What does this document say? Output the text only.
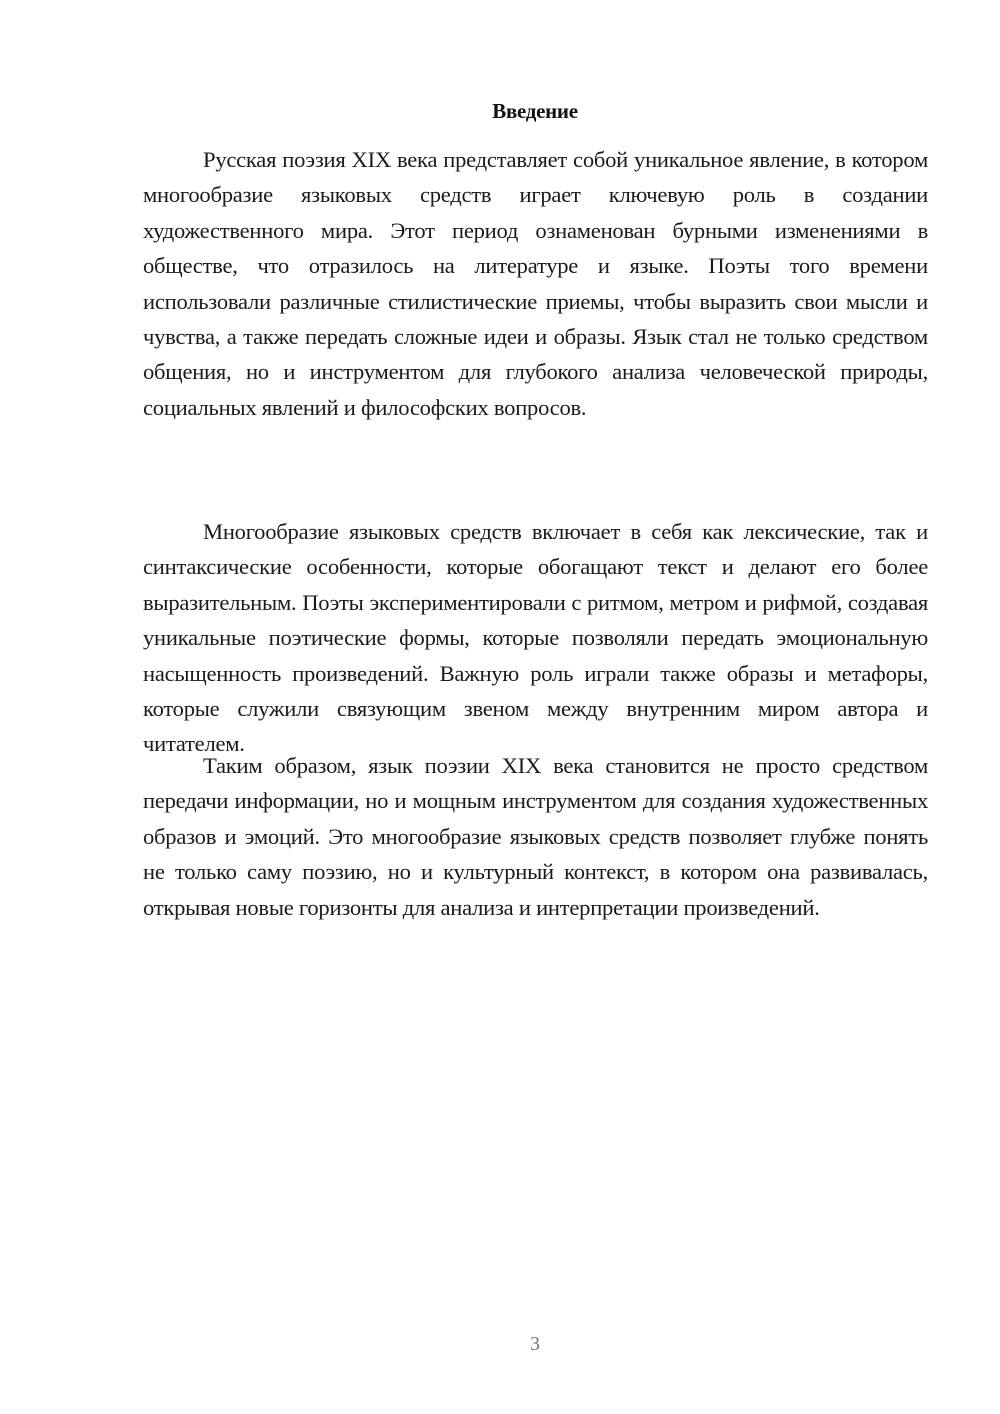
Введение

Русская поэзия XIX века представляет собой уникальное явление, в котором многообразие языковых средств играет ключевую роль в создании художественного мира. Этот период ознаменован бурными изменениями в обществе, что отразилось на литературе и языке. Поэты того времени использовали различные стилистические приемы, чтобы выразить свои мысли и чувства, а также передать сложные идеи и образы. Язык стал не только средством общения, но и инструментом для глубокого анализа человеческой природы, социальных явлений и философских вопросов.

Многообразие языковых средств включает в себя как лексические, так и синтаксические особенности, которые обогащают текст и делают его более выразительным. Поэты экспериментировали с ритмом, метром и рифмой, создавая уникальные поэтические формы, которые позволяли передать эмоциональную насыщенность произведений. Важную роль играли также образы и метафоры, которые служили связующим звеном между внутренним миром автора и читателем.

Таким образом, язык поэзии XIX века становится не просто средством передачи информации, но и мощным инструментом для создания художественных образов и эмоций. Это многообразие языковых средств позволяет глубже понять не только саму поэзию, но и культурный контекст, в котором она развивалась, открывая новые горизонты для анализа и интерпретации произведений.

3
